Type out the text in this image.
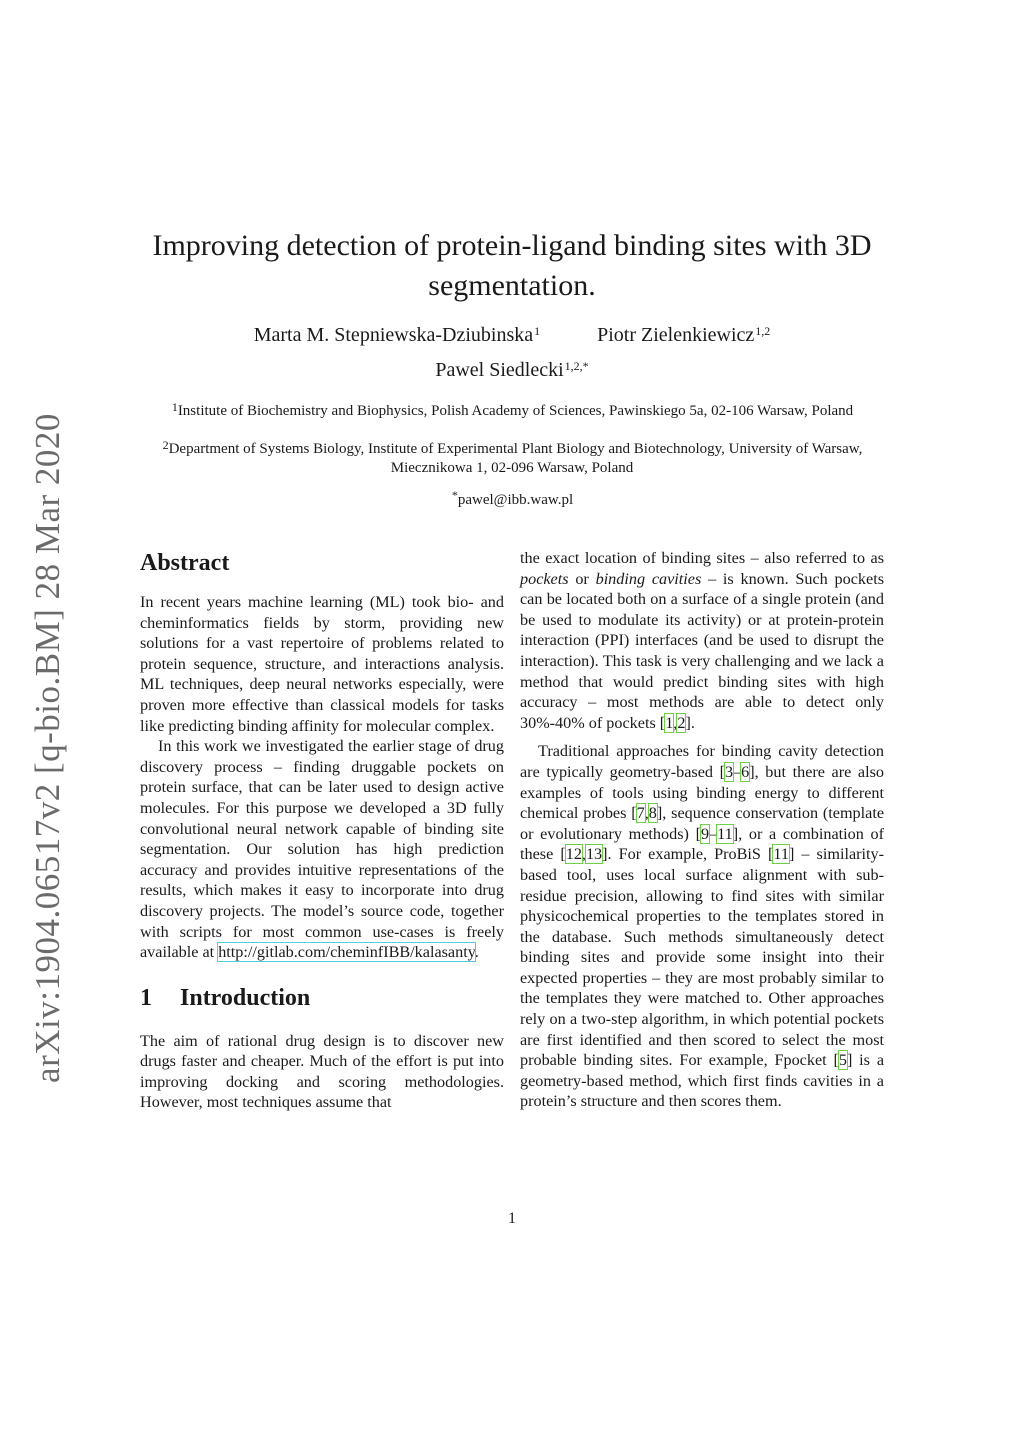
arXiv:1904.06517v2 [q-bio.BM] 28 Mar 2020
Improving detection of protein-ligand binding sites with 3D
segmentation.
Marta M. Stepniewska-Dziubinska$^1$	Piotr Zielenkiewicz$^{1,2}$
Pawel Siedlecki$^{1,2,*}$
$^1$Institute of Biochemistry and Biophysics, Polish Academy of Sciences, Pawinskiego 5a, 02-106 Warsaw, Poland
$^2$Department of Systems Biology, Institute of Experimental Plant Biology and Biotechnology, University of Warsaw, Miecznikowa 1, 02-096 Warsaw, Poland
*pawel@ibb.waw.pl
Abstract

In recent years machine learning (ML) took bio- and cheminformatics fields by storm, providing new solutions for a vast repertoire of problems related to protein sequence, structure, and interactions analysis. ML techniques, deep neural networks especially, were proven more effective than classical models for tasks like predicting binding affinity for molecular complex.

In this work we investigated the earlier stage of drug discovery process – finding druggable pockets on protein surface, that can be later used to design active molecules. For this purpose we developed a 3D fully convolutional neural network capable of binding site segmentation. Our solution has high prediction accuracy and provides intuitive representations of the results, which makes it easy to incorporate into drug discovery projects. The model’s source code, together with scripts for most common use-cases is freely available at http://gitlab.com/cheminfIBB/kalasanty.

1 Introduction

The aim of rational drug design is to discover new drugs faster and cheaper. Much of the effort is put into improving docking and scoring methodologies. However, most techniques assume that

the exact location of binding sites – also referred to as pockets or binding cavities – is known. Such pockets can be located both on a surface of a single protein (and be used to modulate its activity) or at protein-protein interaction (PPI) interfaces (and be used to disrupt the interaction). This task is very challenging and we lack a method that would predict binding sites with high accuracy – most methods are able to detect only 30%-40% of pockets [1,2].

Traditional approaches for binding cavity detection are typically geometry-based [3–6], but there are also examples of tools using binding energy to different chemical probes [7,8], sequence conservation (template or evolutionary methods) [9–11], or a combination of these [12,13]. For example, ProBiS [11] – similarity-based tool, uses local surface alignment with sub-residue precision, allowing to find sites with similar physicochemical properties to the templates stored in the database. Such methods simultaneously detect binding sites and provide some insight into their expected properties – they are most probably similar to the templates they were matched to. Other approaches rely on a two-step algorithm, in which potential pockets are first identified and then scored to select the most probable binding sites. For example, Fpocket [5] is a geometry-based method, which first finds cavities in a protein’s structure and then scores them.

1
